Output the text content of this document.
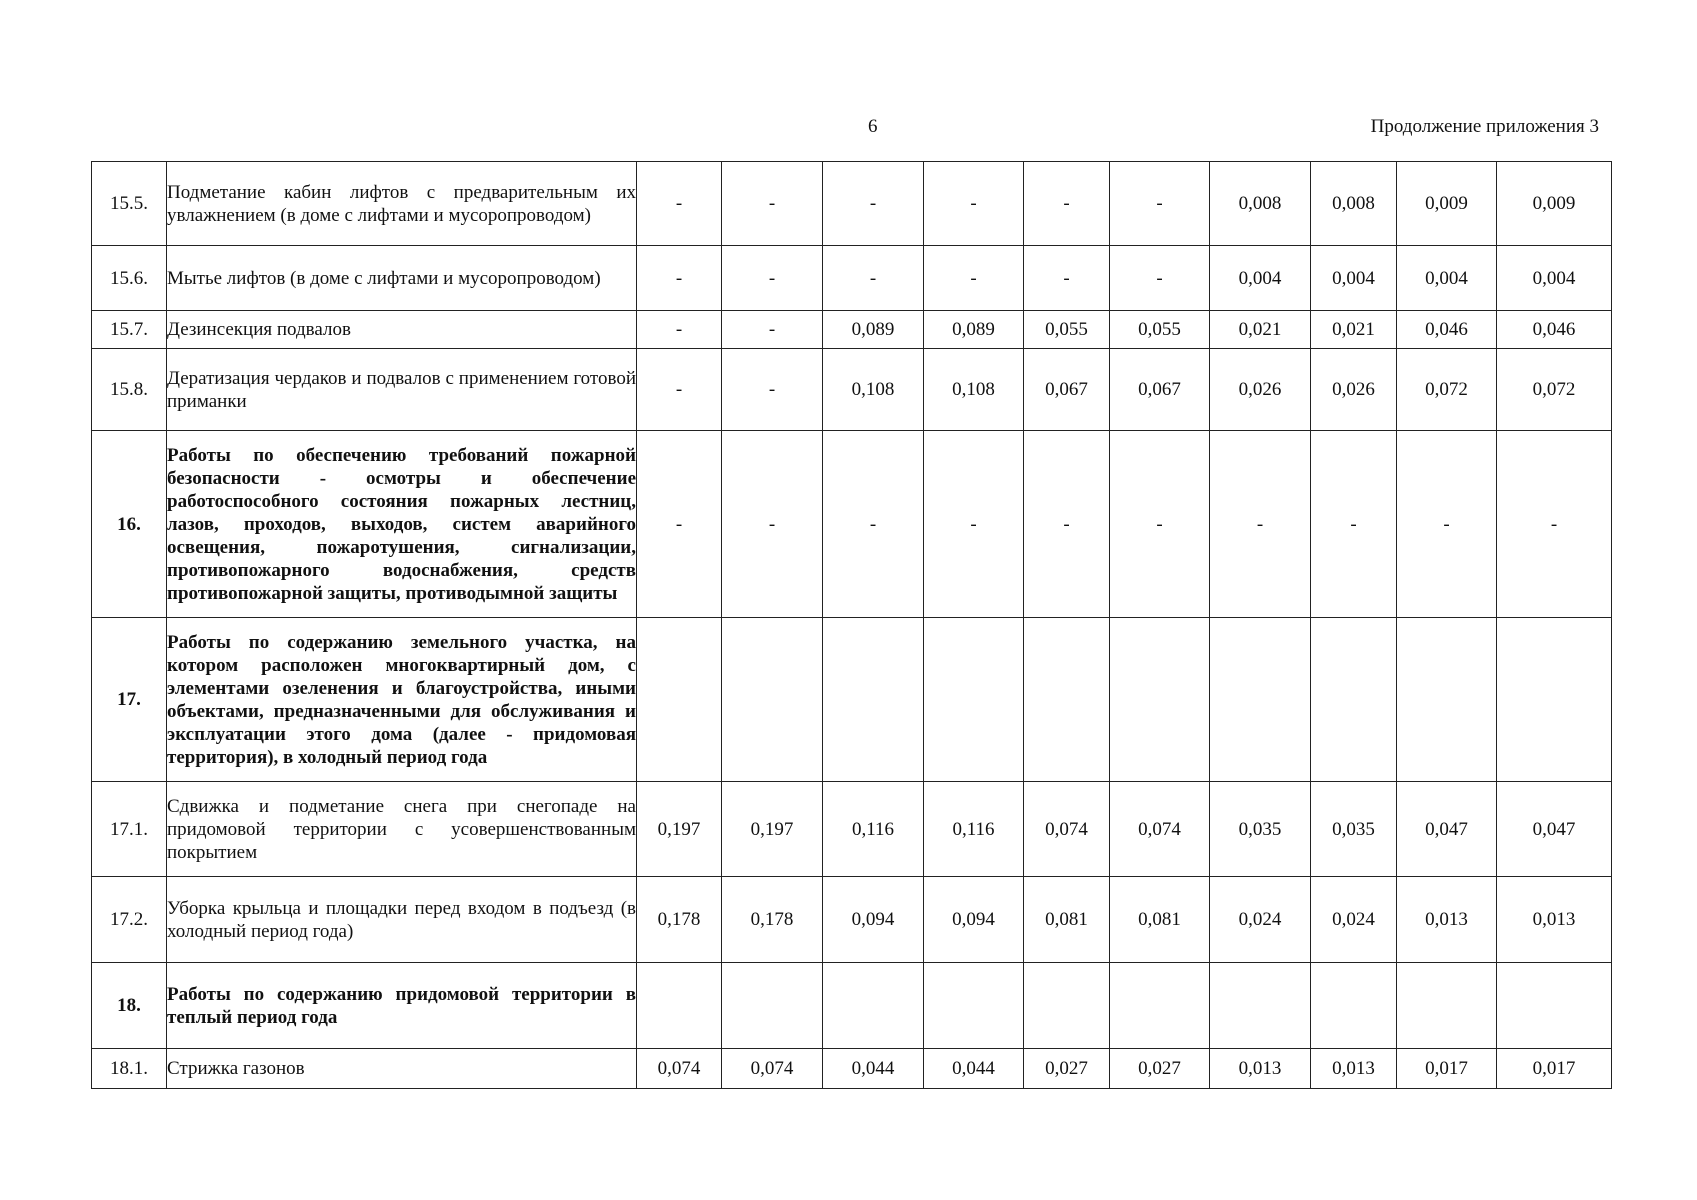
6	Продолжение приложения 3
15.5.	Подметание кабин лифтов с предварительным их увлажнением (в доме с лифтами и мусоропроводом)	-	-	-	-	-	-	0,008	0,008	0,009	0,009
15.6.	Мытье лифтов (в доме с лифтами и мусоропроводом)	-	-	-	-	-	-	0,004	0,004	0,004	0,004
15.7.	Дезинсекция подвалов	-	-	0,089	0,089	0,055	0,055	0,021	0,021	0,046	0,046
15.8.	Дератизация чердаков и подвалов с применением готовой приманки	-	-	0,108	0,108	0,067	0,067	0,026	0,026	0,072	0,072
16.	Работы по обеспечению требований пожарной безопасности - осмотры и обеспечение работоспособного состояния пожарных лестниц, лазов, проходов, выходов, систем аварийного освещения, пожаротушения, сигнализации, противопожарного водоснабжения, средств противопожарной защиты, противодымной защиты	-	-	-	-	-	-	-	-	-	-
17.	Работы по содержанию земельного участка, на котором расположен многоквартирный дом, с элементами озеленения и благоустройства, иными объектами, предназначенными для обслуживания и эксплуатации этого дома (далее - придомовая территория), в холодный период года										
17.1.	Сдвижка и подметание снега при снегопаде на придомовой территории с усовершенствованным покрытием	0,197	0,197	0,116	0,116	0,074	0,074	0,035	0,035	0,047	0,047
17.2.	Уборка крыльца и площадки перед входом в подъезд (в холодный период года)	0,178	0,178	0,094	0,094	0,081	0,081	0,024	0,024	0,013	0,013
18.	Работы по содержанию придомовой территории в теплый период года										
18.1.	Стрижка газонов	0,074	0,074	0,044	0,044	0,027	0,027	0,013	0,013	0,017	0,017
